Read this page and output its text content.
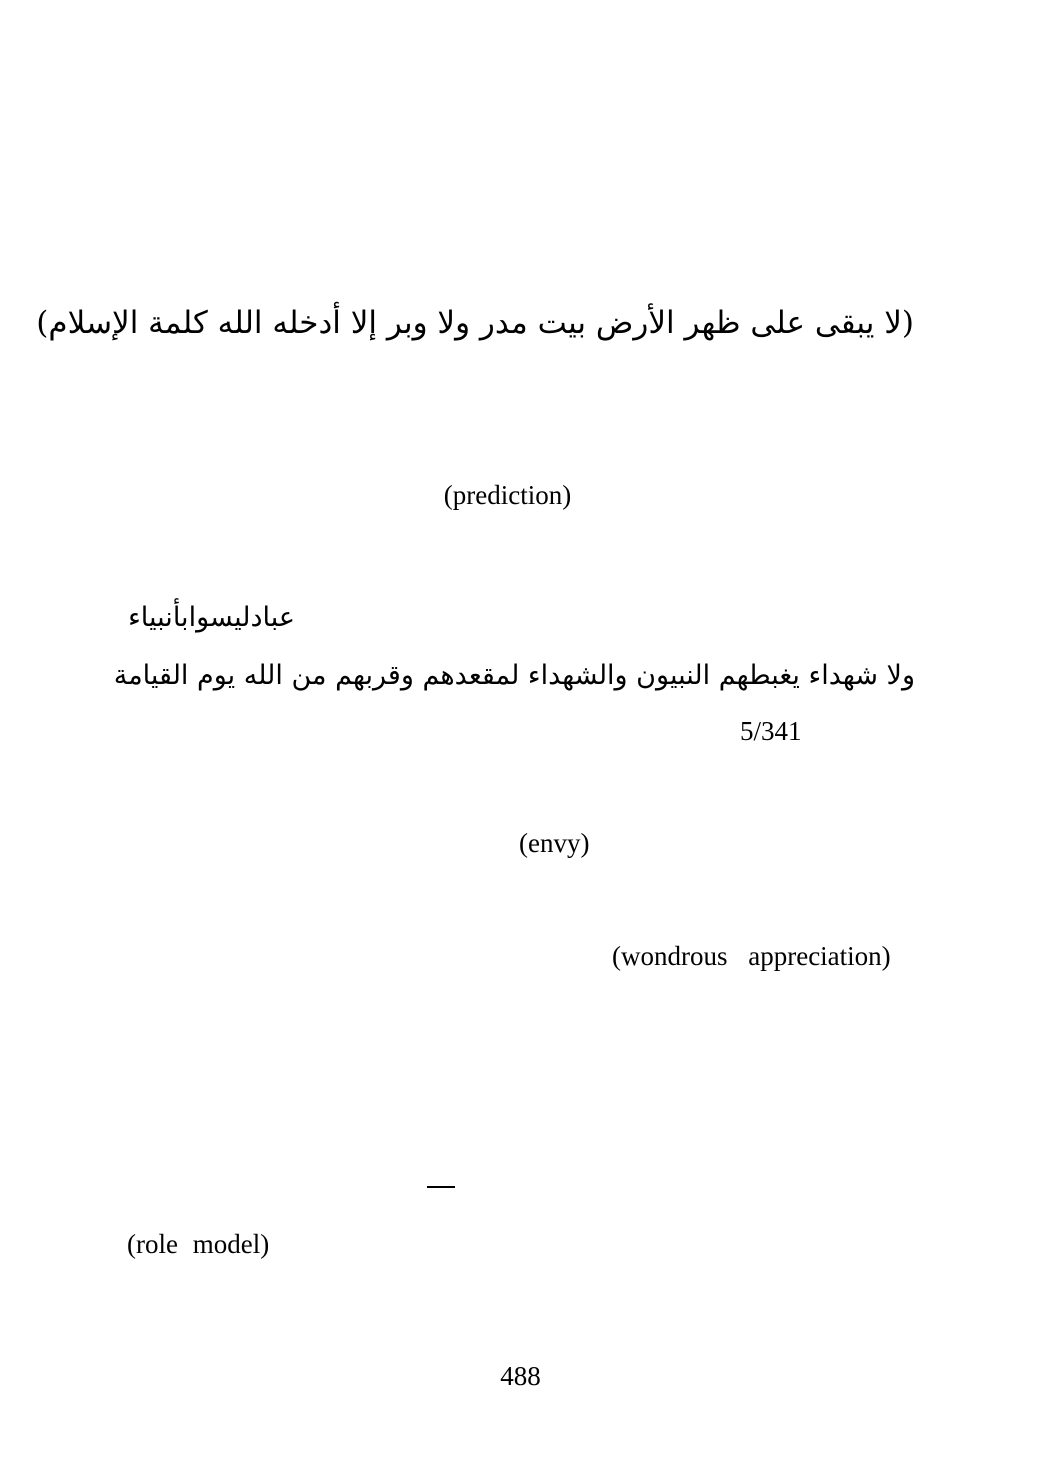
(لا يبقى على ظهر الأرض بيت مدر ولا وبر إلا أدخله الله كلمة الإسلام)

(prediction)

عبادليسوابأنبياء

ولا شهداء يغبطهم النبيون والشهداء لمقعدهم وقربهم من الله يوم القيامة

5/341

(envy)

(wondrous appreciation)

(role model)

488
